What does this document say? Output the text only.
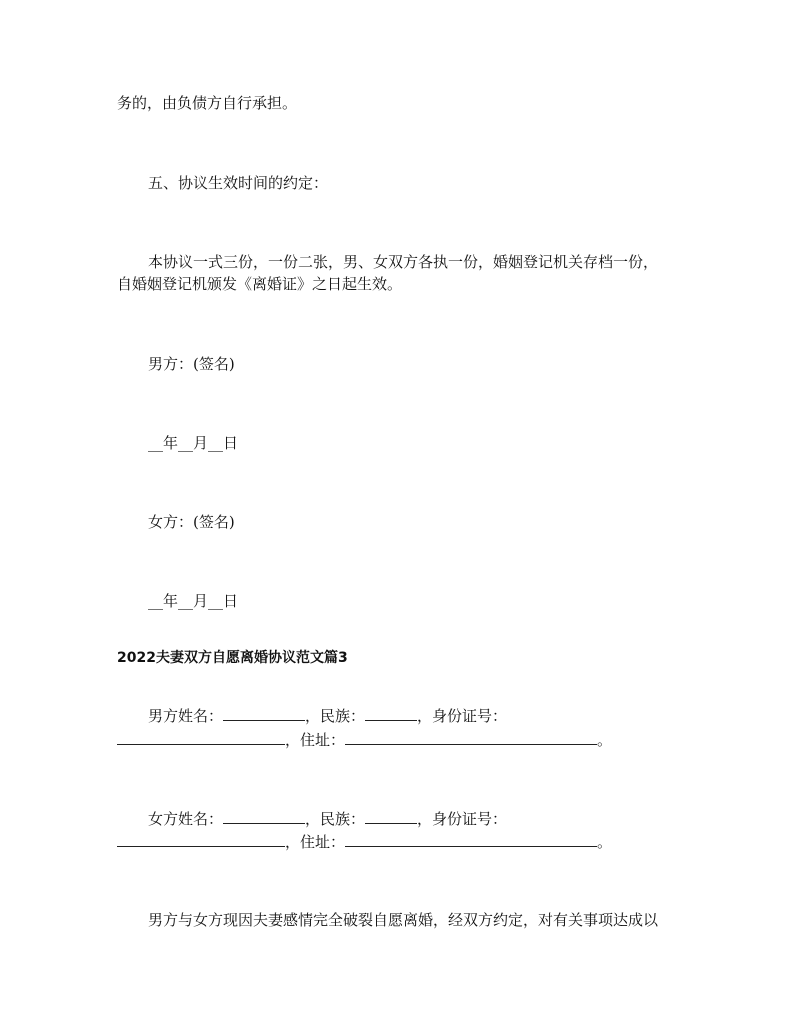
务的，由负债方自行承担。
五、协议生效时间的约定：
本协议一式三份，一份二张，男、女双方各执一份，婚姻登记机关存档一份，
自婚姻登记机颁发《离婚证》之日起生效。
男方：(签名)
__年__月__日
女方：(签名)
__年__月__日
2022夫妻双方自愿离婚协议范文篇3
男方姓名：	，民族：	，身份证号：
，住址：	。
女方姓名：	，民族：	，身份证号：
，住址：	。
男方与女方现因夫妻感情完全破裂自愿离婚，经双方约定，对有关事项达成以
